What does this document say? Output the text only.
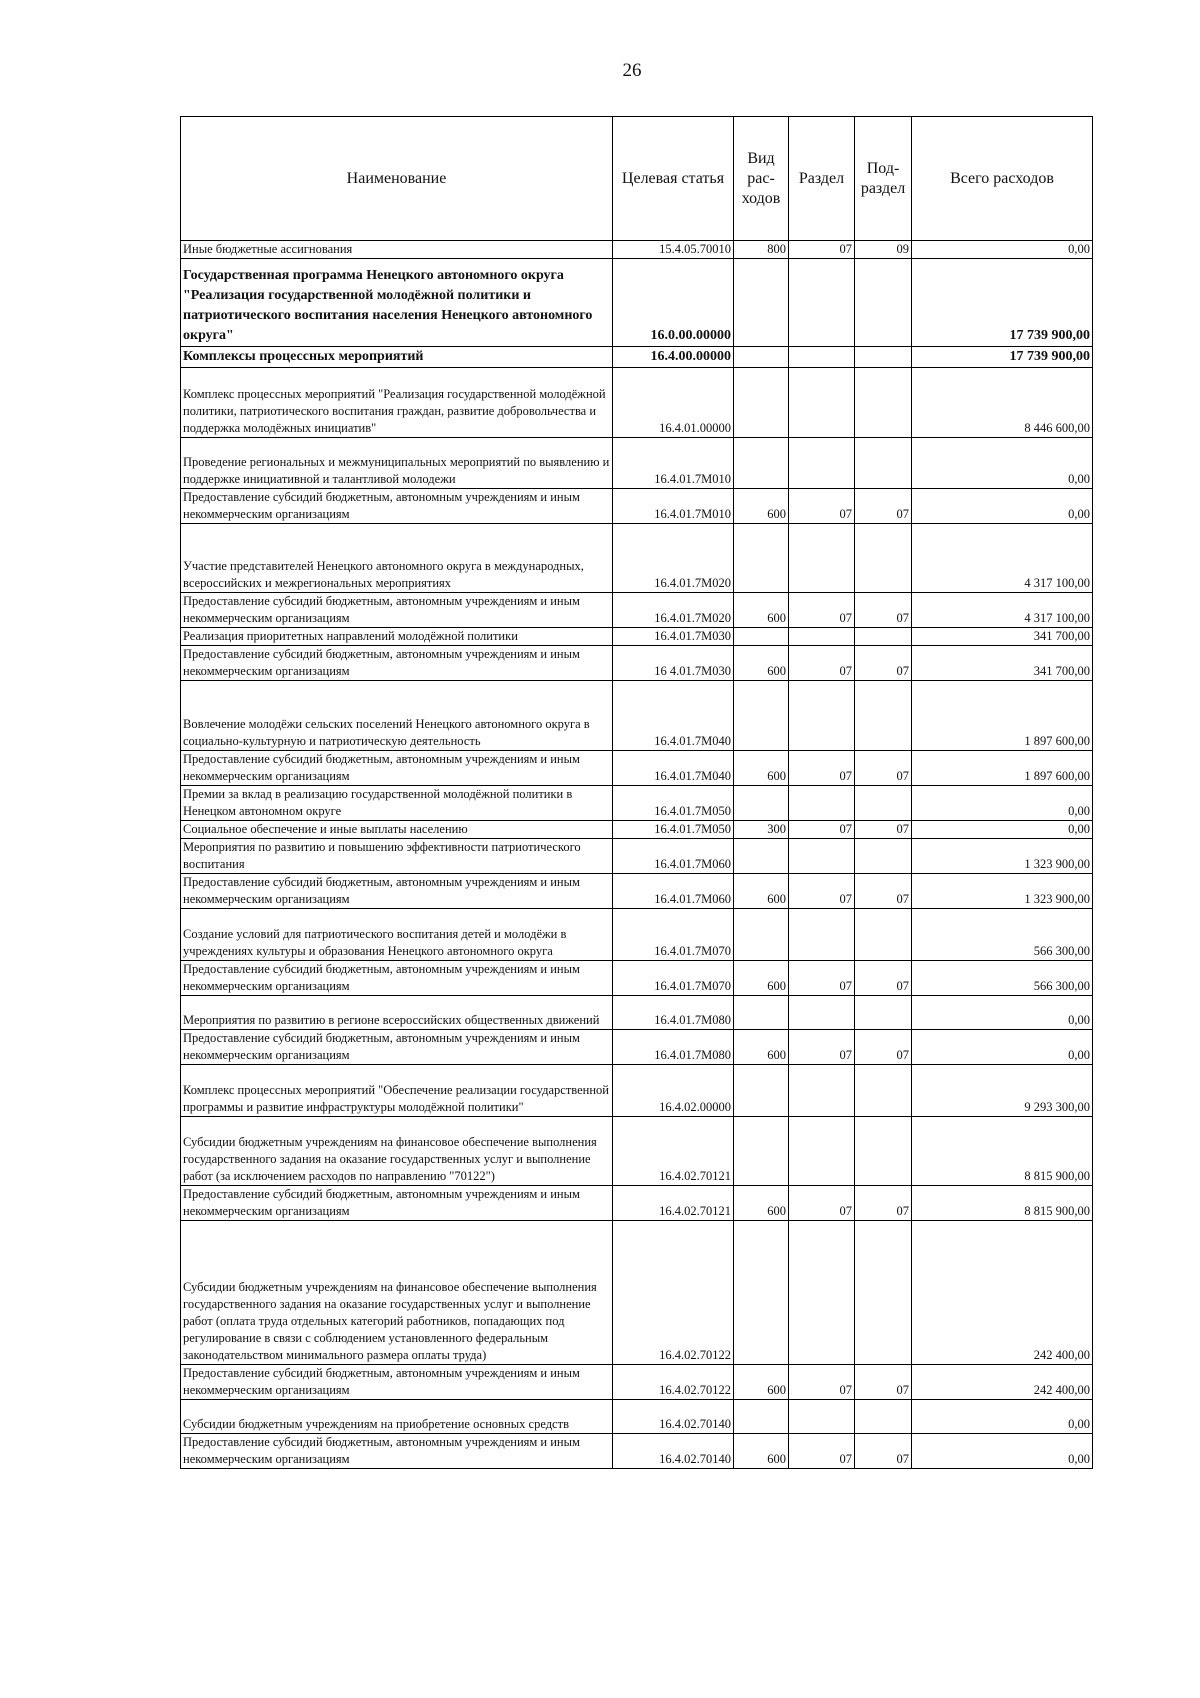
26
Наименование	Целевая статья	Вид рас-ходов	Раздел	Под-раздел	Всего расходов
Иные бюджетные ассигнования	15.4.05.70010	800	07	09	0,00
Государственная программа Ненецкого автономного округа "Реализация государственной молодёжной политики и патриотического воспитания населения Ненецкого автономного округа"	16.0.00.00000				17 739 900,00
Комплексы процессных мероприятий	16.4.00.00000				17 739 900,00
Комплекс процессных мероприятий "Реализация государственной молодёжной политики, патриотического воспитания граждан, развитие добровольчества и поддержка молодёжных инициатив"	16.4.01.00000				8 446 600,00
Проведение региональных и межмуниципальных мероприятий по выявлению и поддержке инициативной и талантливой молодежи	16.4.01.7М010				0,00
Предоставление субсидий бюджетным, автономным учреждениям и иным некоммерческим организациям	16.4.01.7М010	600	07	07	0,00
Участие представителей Ненецкого автономного округа в международных, всероссийских и межрегиональных мероприятиях	16.4.01.7М020				4 317 100,00
Предоставление субсидий бюджетным, автономным учреждениям и иным некоммерческим организациям	16.4.01.7М020	600	07	07	4 317 100,00
Реализация приоритетных направлений молодёжной политики	16.4.01.7М030				341 700,00
Предоставление субсидий бюджетным, автономным учреждениям и иным некоммерческим организациям	16 4.01.7М030	600	07	07	341 700,00
Вовлечение молодёжи сельских поселений Ненецкого автономного округа в социально-культурную и патриотическую деятельность	16.4.01.7М040				1 897 600,00
Предоставление субсидий бюджетным, автономным учреждениям и иным некоммерческим организациям	16.4.01.7М040	600	07	07	1 897 600,00
Премии за вклад в реализацию государственной молодёжной политики в Ненецком автономном округе	16.4.01.7М050				0,00
Социальное обеспечение и иные выплаты населению	16.4.01.7М050	300	07	07	0,00
Мероприятия по развитию и повышению эффективности патриотического воспитания	16.4.01.7М060				1 323 900,00
Предоставление субсидий бюджетным, автономным учреждениям и иным некоммерческим организациям	16.4.01.7М060	600	07	07	1 323 900,00
Создание условий для патриотического воспитания детей и молодёжи в учреждениях культуры и образования Ненецкого автономного округа	16.4.01.7М070				566 300,00
Предоставление субсидий бюджетным, автономным учреждениям и иным некоммерческим организациям	16.4.01.7М070	600	07	07	566 300,00
Мероприятия по развитию в регионе всероссийских общественных движений	16.4.01.7М080				0,00
Предоставление субсидий бюджетным, автономным учреждениям и иным некоммерческим организациям	16.4.01.7М080	600	07	07	0,00
Комплекс процессных мероприятий "Обеспечение реализации государственной программы и развитие инфраструктуры молодёжной политики"	16.4.02.00000				9 293 300,00
Субсидии бюджетным учреждениям на финансовое обеспечение выполнения государственного задания на оказание государственных услуг и выполнение работ (за исключением расходов по направлению "70122")	16.4.02.70121				8 815 900,00
Предоставление субсидий бюджетным, автономным учреждениям и иным некоммерческим организациям	16.4.02.70121	600	07	07	8 815 900,00
Субсидии бюджетным учреждениям на финансовое обеспечение выполнения государственного задания на оказание государственных услуг и выполнение работ (оплата труда отдельных категорий работников, попадающих под регулирование в связи с соблюдением установленного федеральным законодательством минимального размера оплаты труда)	16.4.02.70122				242 400,00
Предоставление субсидий бюджетным, автономным учреждениям и иным некоммерческим организациям	16.4.02.70122	600	07	07	242 400,00
Субсидии бюджетным учреждениям на приобретение основных средств	16.4.02.70140				0,00
Предоставление субсидий бюджетным, автономным учреждениям и иным некоммерческим организациям	16.4.02.70140	600	07	07	0,00
